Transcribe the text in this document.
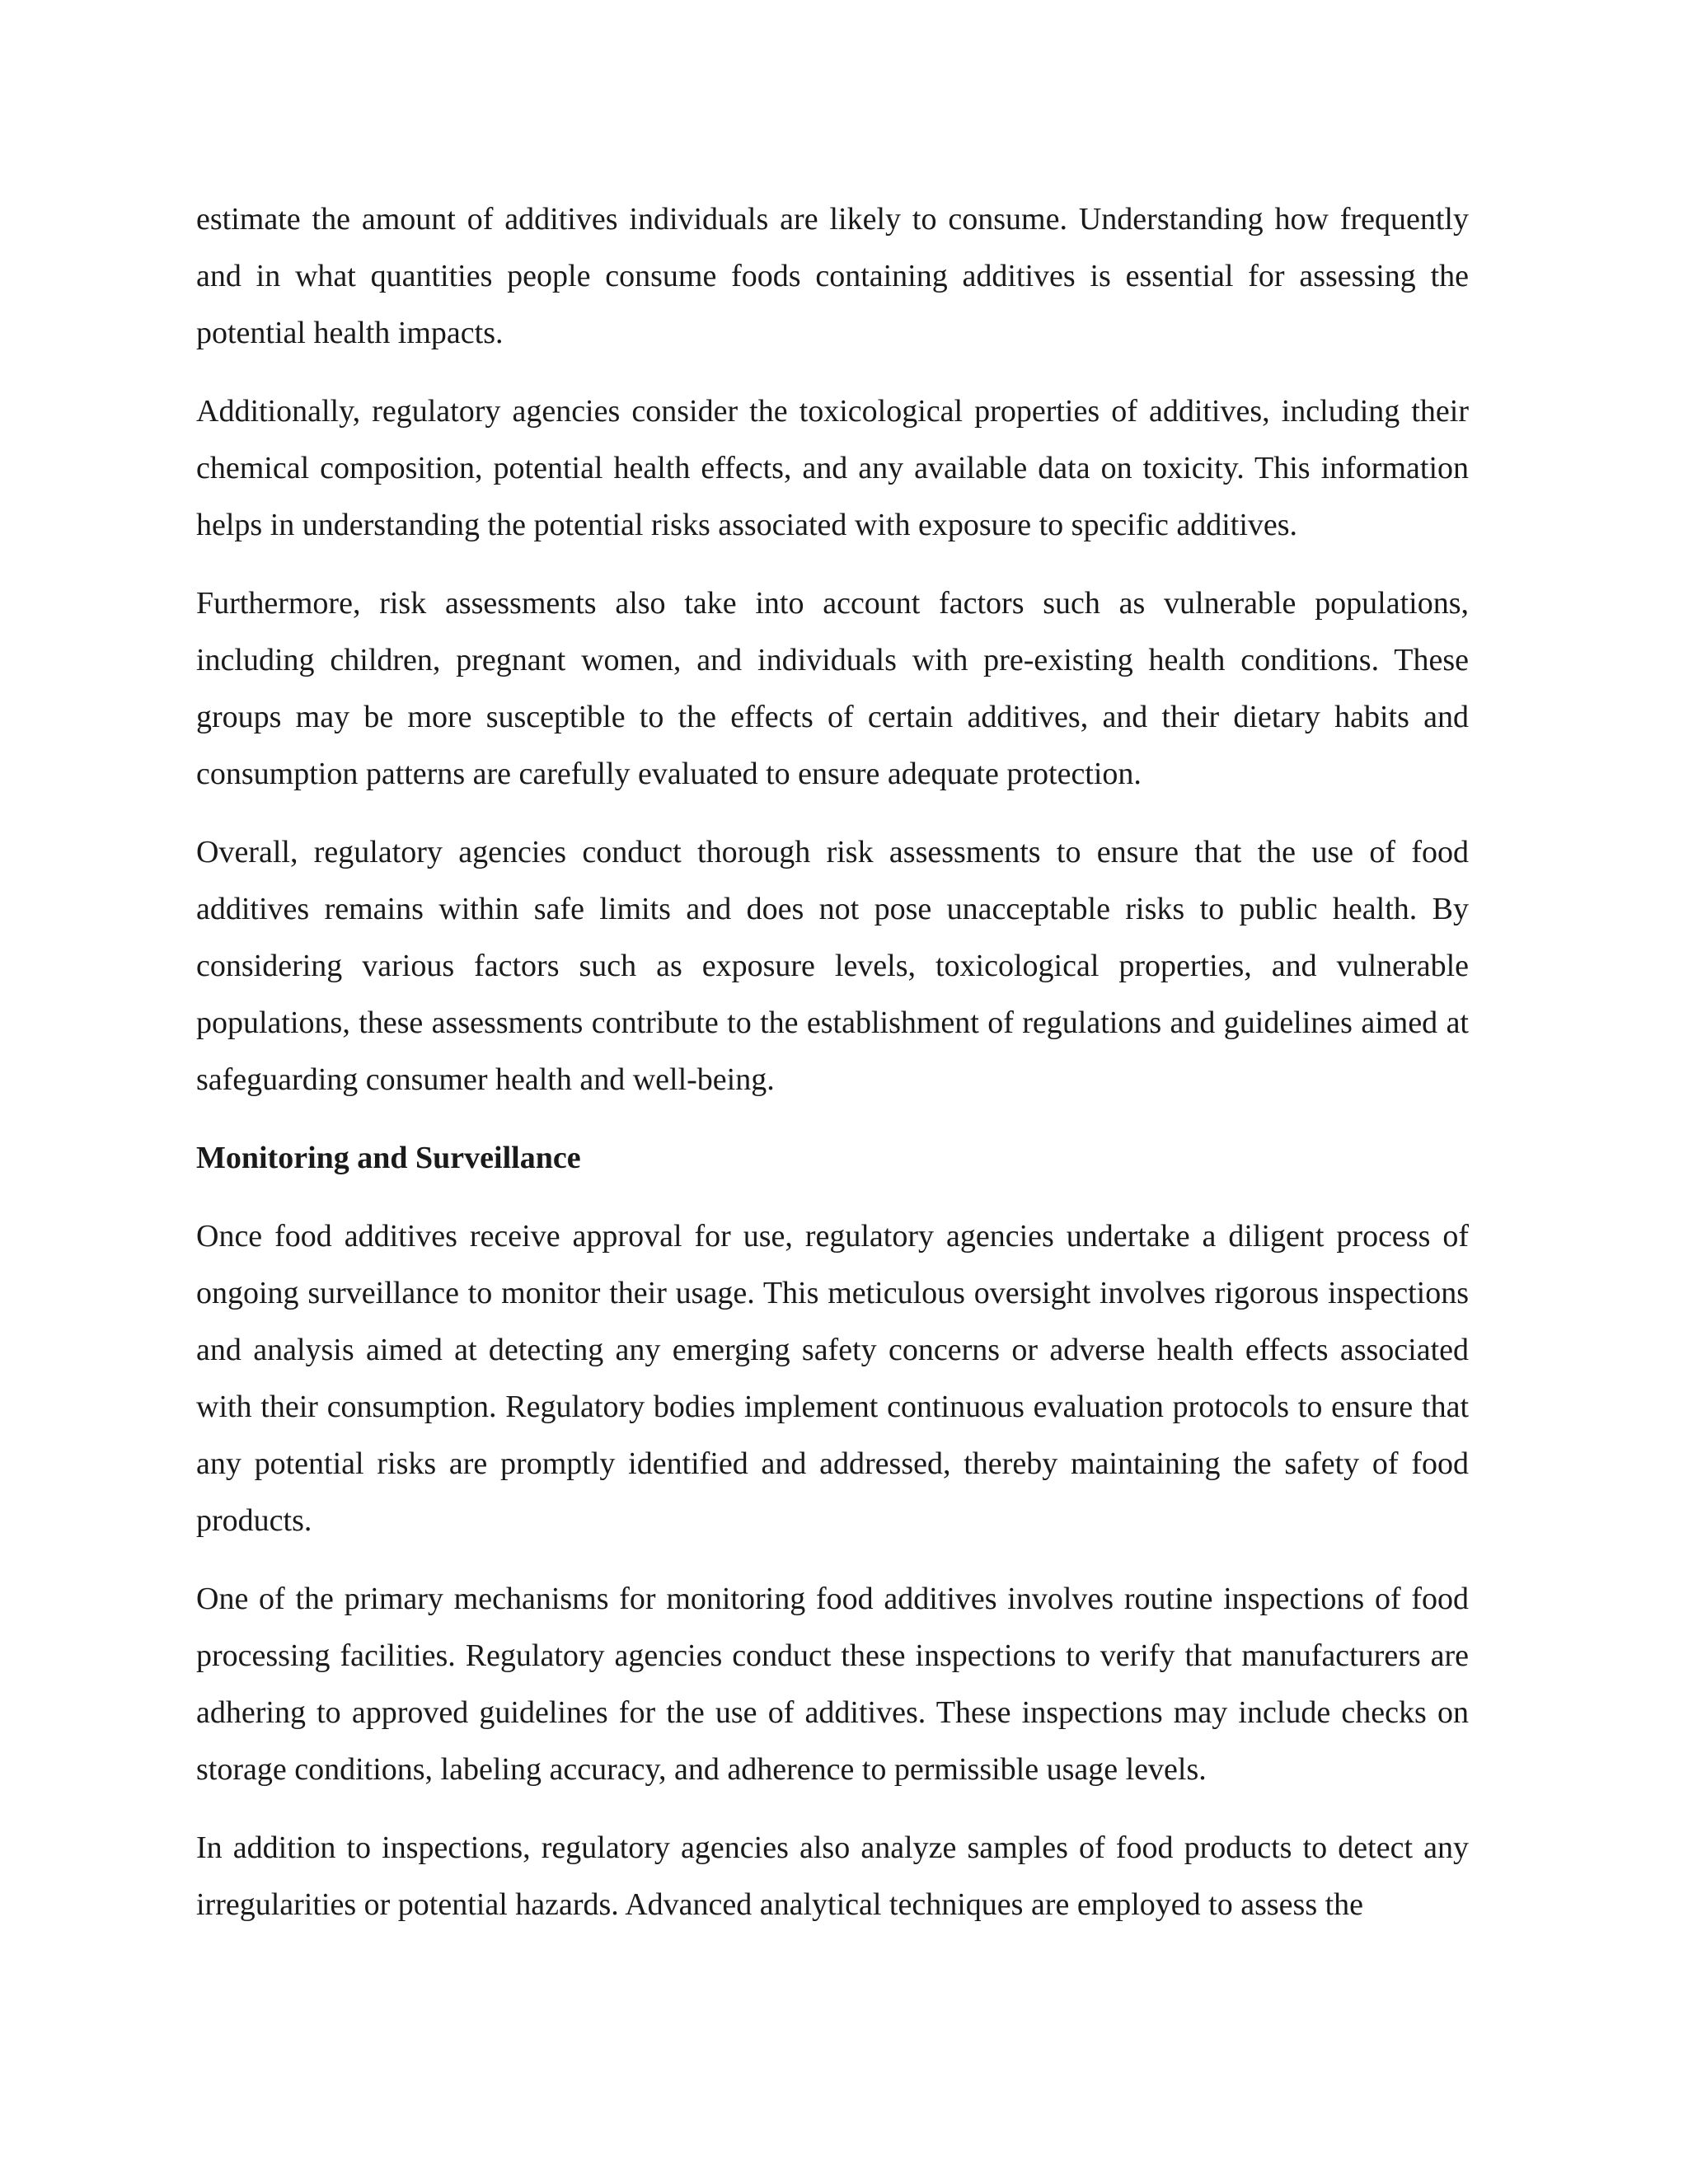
estimate the amount of additives individuals are likely to consume. Understanding how frequently and in what quantities people consume foods containing additives is essential for assessing the potential health impacts.

Additionally, regulatory agencies consider the toxicological properties of additives, including their chemical composition, potential health effects, and any available data on toxicity. This information helps in understanding the potential risks associated with exposure to specific additives.

Furthermore, risk assessments also take into account factors such as vulnerable populations, including children, pregnant women, and individuals with pre-existing health conditions. These groups may be more susceptible to the effects of certain additives, and their dietary habits and consumption patterns are carefully evaluated to ensure adequate protection.

Overall, regulatory agencies conduct thorough risk assessments to ensure that the use of food additives remains within safe limits and does not pose unacceptable risks to public health. By considering various factors such as exposure levels, toxicological properties, and vulnerable populations, these assessments contribute to the establishment of regulations and guidelines aimed at safeguarding consumer health and well-being.

Monitoring and Surveillance

Once food additives receive approval for use, regulatory agencies undertake a diligent process of ongoing surveillance to monitor their usage. This meticulous oversight involves rigorous inspections and analysis aimed at detecting any emerging safety concerns or adverse health effects associated with their consumption. Regulatory bodies implement continuous evaluation protocols to ensure that any potential risks are promptly identified and addressed, thereby maintaining the safety of food products.

One of the primary mechanisms for monitoring food additives involves routine inspections of food processing facilities. Regulatory agencies conduct these inspections to verify that manufacturers are adhering to approved guidelines for the use of additives. These inspections may include checks on storage conditions, labeling accuracy, and adherence to permissible usage levels.

In addition to inspections, regulatory agencies also analyze samples of food products to detect any irregularities or potential hazards. Advanced analytical techniques are employed to assess the
